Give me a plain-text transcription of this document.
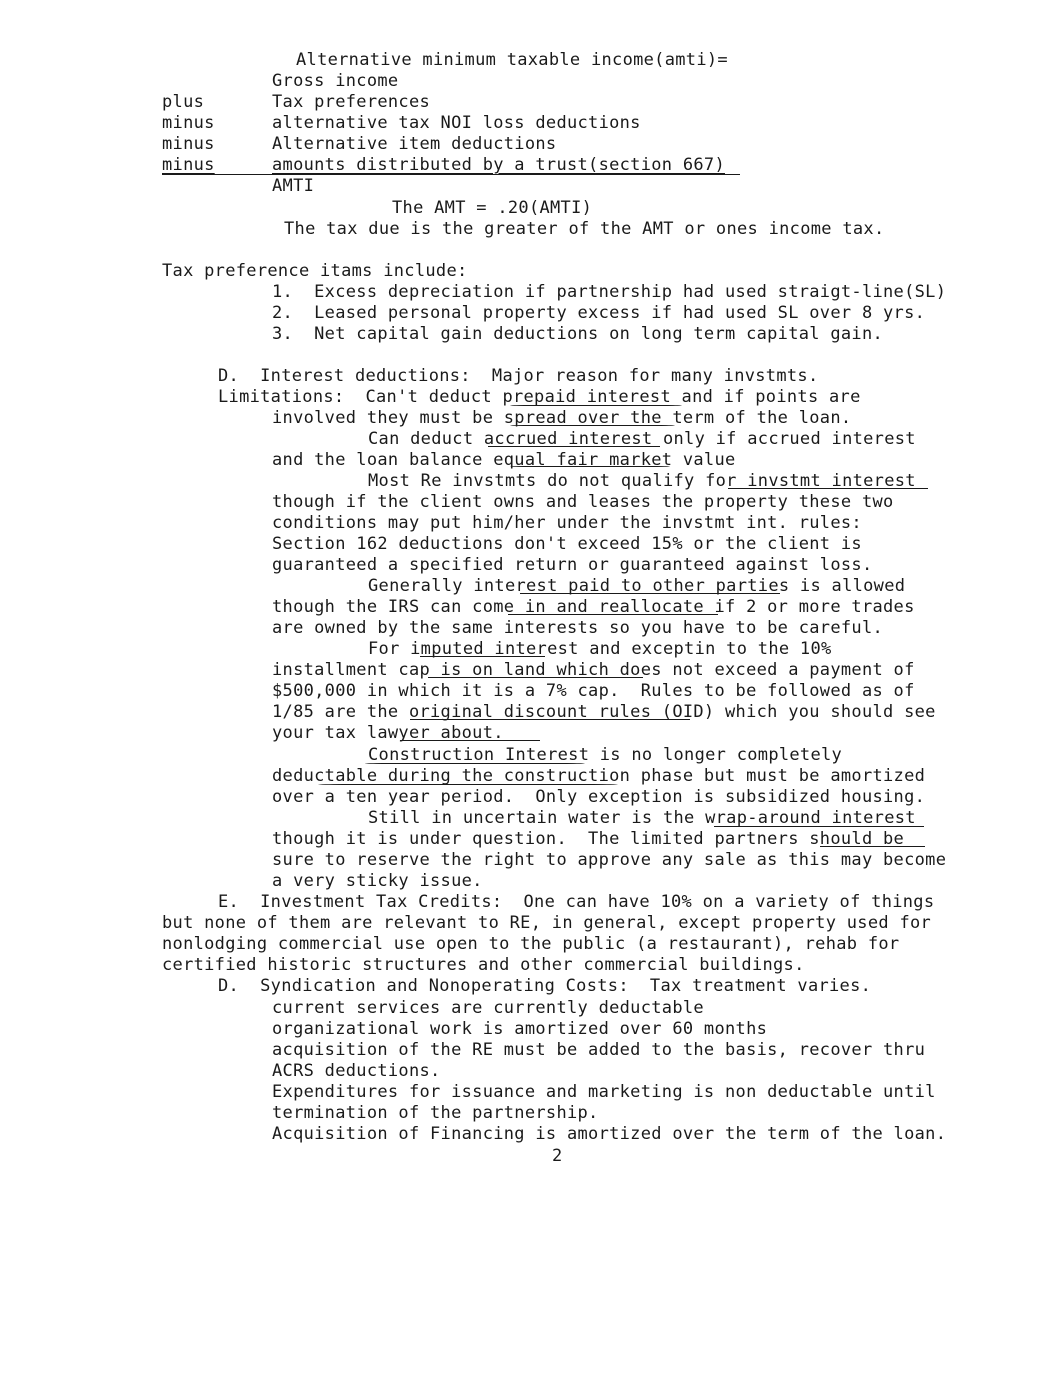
Alternative minimum taxable income(amti)=
Gross income
plus	Tax preferences
minus	alternative tax NOI loss deductions
minus	Alternative item deductions
minus	amounts distributed by a trust(section 667)
AMTI
The AMT = .20(AMTI)
The tax due is the greater of the AMT or ones income tax.
Tax preference itams include:
1.  Excess depreciation if partnership had used straigt-line(SL)
2.  Leased personal property excess if had used SL over 8 yrs.
3.  Net capital gain deductions on long term capital gain.
D.  Interest deductions:  Major reason for many invstmts.
Limitations:  Can't deduct prepaid interest and if points are
involved they must be spread over the term of the loan.
Can deduct accrued interest only if accrued interest
and the loan balance equal fair market value
Most Re invstmts do not qualify for invstmt interest
though if the client owns and leases the property these two
conditions may put him/her under the invstmt int. rules:
Section 162 deductions don't exceed 15% or the client is
guaranteed a specified return or guaranteed against loss.
Generally interest paid to other parties is allowed
though the IRS can come in and reallocate if 2 or more trades
are owned by the same interests so you have to be careful.
For imputed interest and exceptin to the 10%
installment cap is on land which does not exceed a payment of
$500,000 in which it is a 7% cap.  Rules to be followed as of
1/85 are the original discount rules (OID) which you should see
your tax lawyer about.
Construction Interest is no longer completely
deductable during the construction phase but must be amortized
over a ten year period.  Only exception is subsidized housing.
Still in uncertain water is the wrap-around interest
though it is under question.  The limited partners should be
sure to reserve the right to approve any sale as this may become
a very sticky issue.
E.  Investment Tax Credits:  One can have 10% on a variety of things
but none of them are relevant to RE, in general, except property used for
nonlodging commercial use open to the public (a restaurant), rehab for
certified historic structures and other commercial buildings.
D.  Syndication and Nonoperating Costs:  Tax treatment varies.
current services are currently deductable
organizational work is amortized over 60 months
acquisition of the RE must be added to the basis, recover thru
ACRS deductions.
Expenditures for issuance and marketing is non deductable until
termination of the partnership.
Acquisition of Financing is amortized over the term of the loan.
2
